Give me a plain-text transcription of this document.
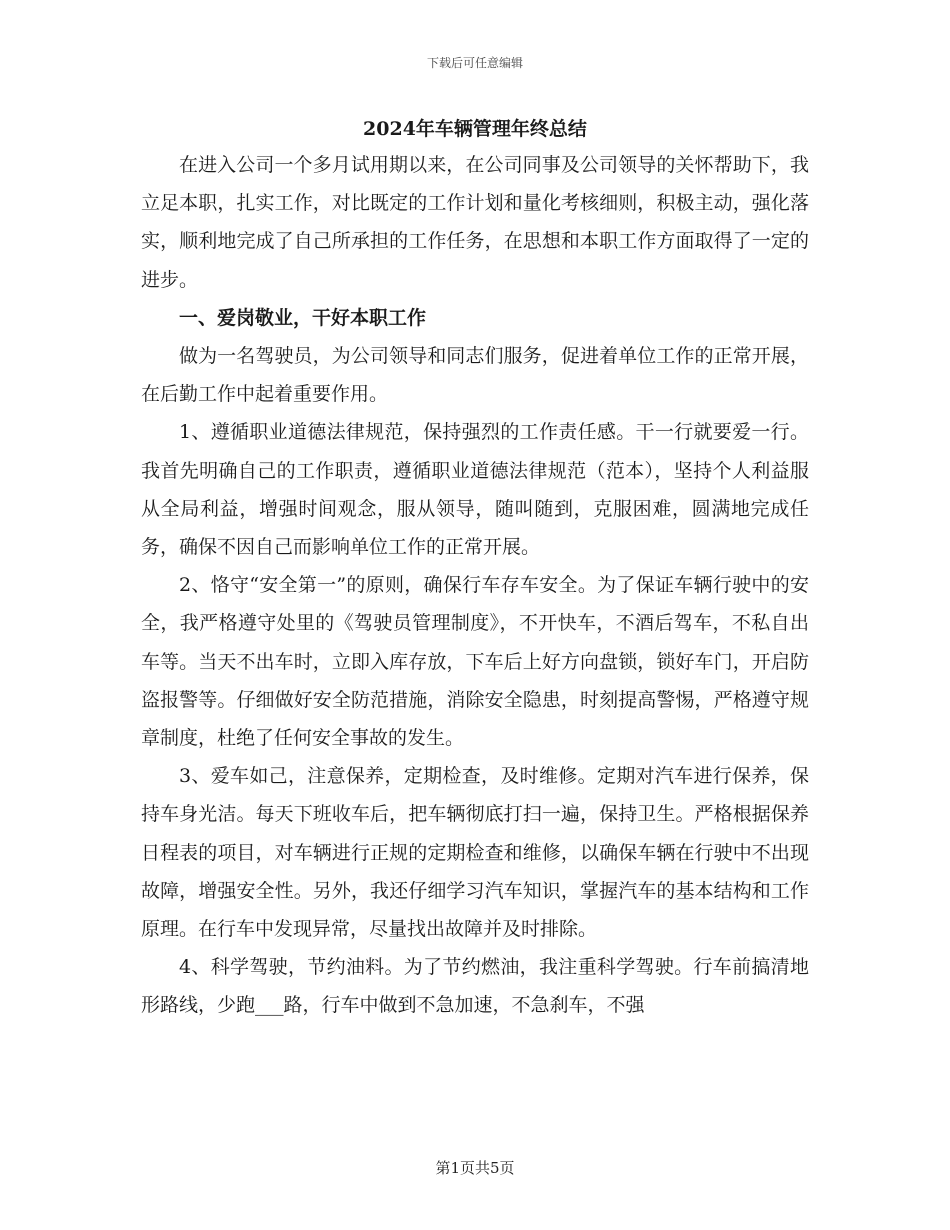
下载后可任意编辑
2024年车辆管理年终总结

在进入公司一个多月试用期以来，在公司同事及公司领导的关怀帮助下，我立足本职，扎实工作，对比既定的工作计划和量化考核细则，积极主动，强化落实，顺利地完成了自己所承担的工作任务，在思想和本职工作方面取得了一定的进步。

一、爱岗敬业，干好本职工作

做为一名驾驶员，为公司领导和同志们服务，促进着单位工作的正常开展，在后勤工作中起着重要作用。

1、遵循职业道德法律规范，保持强烈的工作责任感。干一行就要爱一行。我首先明确自己的工作职责，遵循职业道德法律规范（范本），坚持个人利益服从全局利益，增强时间观念，服从领导，随叫随到，克服困难，圆满地完成任务，确保不因自己而影响单位工作的正常开展。

2、恪守“安全第一”的原则，确保行车存车安全。为了保证车辆行驶中的安全，我严格遵守处里的《驾驶员管理制度》，不开快车，不酒后驾车，不私自出车等。当天不出车时，立即入库存放，下车后上好方向盘锁，锁好车门，开启防盗报警等。仔细做好安全防范措施，消除安全隐患，时刻提高警惕，严格遵守规章制度，杜绝了任何安全事故的发生。

3、爱车如己，注意保养，定期检查，及时维修。定期对汽车进行保养，保持车身光洁。每天下班收车后，把车辆彻底打扫一遍，保持卫生。严格根据保养日程表的项目，对车辆进行正规的定期检查和维修，以确保车辆在行驶中不出现故障，增强安全性。另外，我还仔细学习汽车知识，掌握汽车的基本结构和工作原理。在行车中发现异常，尽量找出故障并及时排除。

4、科学驾驶，节约油料。为了节约燃油，我注重科学驾驶。行车前搞清地形路线，少跑___路，行车中做到不急加速，不急刹车，不强

第1页共5页
